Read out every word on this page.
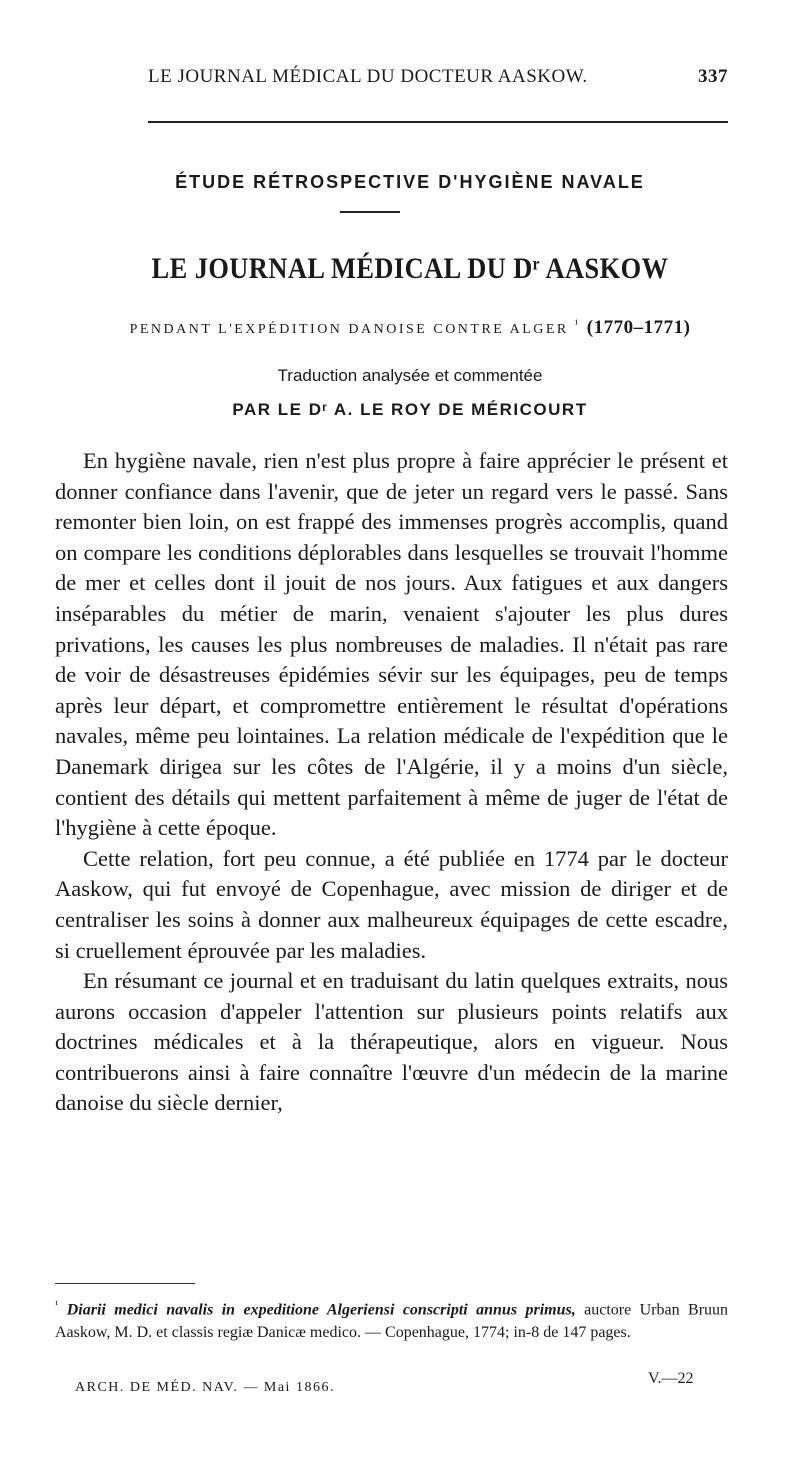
LE JOURNAL MÉDICAL DU DOCTEUR AASKOW.	337
ÉTUDE RÉTROSPECTIVE D'HYGIÈNE NAVALE
LE JOURNAL MÉDICAL DU Dʳ AASKOW
PENDANT L'EXPÉDITION DANOISE CONTRE ALGER $^{^1}$ (1770–1771)
Traduction analysée et commentée
PAR LE Dʳ A. LE ROY DE MÉRICOURT

En hygiène navale, rien n'est plus propre à faire apprécier le présent et donner confiance dans l'avenir, que de jeter un regard vers le passé. Sans remonter bien loin, on est frappé des immenses progrès accomplis, quand on compare les conditions déplorables dans lesquelles se trouvait l'homme de mer et celles dont il jouit de nos jours. Aux fatigues et aux dangers inséparables du métier de marin, venaient s'ajouter les plus dures privations, les causes les plus nombreuses de maladies. Il n'était pas rare de voir de désastreuses épidémies sévir sur les équipages, peu de temps après leur départ, et compromettre entièrement le résultat d'opérations navales, même peu lointaines. La relation médicale de l'expédition que le Danemark dirigea sur les côtes de l'Algérie, il y a moins d'un siècle, contient des détails qui mettent parfaitement à même de juger de l'état de l'hygiène à cette époque.

Cette relation, fort peu connue, a été publiée en 1774 par le docteur Aaskow, qui fut envoyé de Copenhague, avec mission de diriger et de centraliser les soins à donner aux malheureux équipages de cette escadre, si cruellement éprouvée par les maladies.

En résumant ce journal et en traduisant du latin quelques extraits, nous aurons occasion d'appeler l'attention sur plusieurs points relatifs aux doctrines médicales et à la thérapeutique, alors en vigueur. Nous contribuerons ainsi à faire connaître l'œuvre d'un médecin de la marine danoise du siècle dernier,

$^{^1}$ Diarii medici navalis in expeditione Algeriensi conscripti annus primus, auctore Urban Bruun Aaskow, M. D. et classis regiæ Danicæ medico. — Copenhague, 1774; in-8 de 147 pages.
ARCH. DE MÉD. NAV. — Mai 1866.
V.—22
